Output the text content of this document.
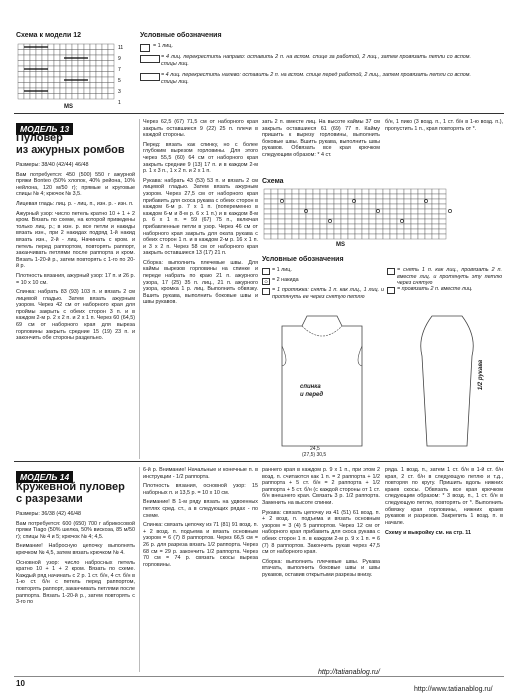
Схема к модели 12
11
9
7
5
3
1
MS
Условные обозначения
= 1 лиц.
= 4 лиц. перекрестить направо: оставить 2 п. на вспом. спице за работой, 2 лиц., затем провязать петли со вспом. спицы лиц.
= 4 лиц. перекрестить налево: оставить 2 п. на вспом. спице перед работой, 2 лиц., затем провязать петли со вспом. спицы лиц.
МОДЕЛЬ 13
Пуловер
из ажурных ромбов

Размеры: 38/40 (42/44) 46/48

Вам потребуется: 450 (500) 550 г ажурной пряжи Bonteo (50% хлопок, 40% рейона, 10% нейлона, 120 м/50 г); прямые и круговые спицы № 4; крючок № 3,5.

Лицевая гладь: лиц. р. - лиц. п., изн. р. - изн. п.

Ажурный узор: число петель кратно 10 + 1 + 2 кром. Вязать по схеме, на которой приведены только лиц. р.; в изн. р. все петли и накиды вязать изн., при 2 накидах подряд 1-й накид вязать изн., 2-й - лиц. Начинать с кром. и петель перед раппортом, повторять раппорт, заканчивать петлями после раппорта и кром. Вязать 1-20-й р., затем повторять с 1-го по 20-й р.

Плотность вязания, ажурный узор: 17 п. и 26 р. = 10 х 10 см.

Спинка: набрать 83 (93) 103 п. и вязать 2 см лицевой гладью. Затем вязать ажурным узором. Через 42 см от наборного края для проймы закрыть с обеих сторон 3 п. и в каждом 2-м р. 2 х 2 п. и 2 х 1 п. Через 60 (64,5) 69 см от наборного края для выреза горловины закрыть средние 15 (19) 23 п. и закончить обе стороны раздельно.

Через 62,5 (67) 71,5 см от наборного края закрыть оставшиеся 9 (22) 25 п. плечи в каждой стороны.

Перед: вязать как спинку, но с более глубоким вырезом горловины. Для этого через 55,5 (60) 64 см от наборного края закрыть средние 9 (13) 17 п. и в каждом 2-м р. 1 х 3 п., 1 х 2 п. и 2 х 1 п.

Рукава: набрать 43 (53) 53 п. и вязать 2 см лицевой гладью. Затем вязать ажурным узором. Через 27,5 см от наборного края прибавить для скоса рукава с обеих сторон в каждом 6-м р. 7 х 1 п. (попеременно в каждом 6-м и 8-м р. 6 х 1 п.) и в каждом 8-м р. 6 х 1 п. = 59 (67) 75 п., включая прибавленные петли в узор. Через 46 см от наборного края закрыть для оката рукава с обеих сторон 1 п. и в каждом 2-м р. 16 х 1 п. и 3 х 2 п. Через 58 см от наборного края закрыть оставшиеся 13 (17) 21 п.

Сборка: выполнить плечевые швы. Для каймы вырезов горловины на спинке и переде набрать по краю 21 п. ажурного узора, 17 (25) 35 п. лиц., 21 п. ажурного узора, кромка 1 р. лиц. Выполнить обвязку. Вшить рукава, выполнить боковые швы и швы рукавов.

зать 2 п. вместе лиц. На высоте каймы 37 см закрыть оставшиеся 61 (69) 77 п. Кайму пришить к вырезу горловины, выполнить боковые швы. Вшить рукава, выполнить швы рукавов. Обвязать все края крючком следующим образом: * 4 ст.

б/н, 1 пико (3 возд. п., 1 ст. б/н в 1-ю возд. п.), пропустить 1 п., края повторять от *.

Схема
MS
Условные обозначения
= 1 лиц.
O = 2 накида
= 1 протяжка: снять 1 п. как лиц., 1 лиц. и протянуть ее через снятую петлю
= снять 1 п. как лиц., провязать 2 п. вместе лиц. и протянуть эту петлю через снятую
= провязать 2 п. вместе лиц.
спинка
и перед
1/2 рукава
24,5
(27,5) 30,5
МОДЕЛЬ 14
Кружевной пуловер
с разрезами

Размеры: 36/38 (42) 46/48

Вам потребуется: 600 (650) 700 г абрикосовой пряжи Tiago (50% шелка, 50% вискоза, 85 м/50 г); спицы № 4 и 5; крючок № 4; 4,5.

Внимание! Набросную цепочку выполнять крючком № 4,5, затем вязать крючком № 4.

Основной узор: число набросных петель кратно 10 + 1 + 2 кром. Вязать по схеме. Каждый ряд начинать с 2 р. 1 ст. б/н, 4 ст. б/н в 1-ю ст. б/н с петель перед раппортом, повторять раппорт, заканчивать петлями после раппорта. Вязать 1-20-й р., затем повторять с 3-го по

6-й р. Внимание! Начальные и конечные п. в инструкции - 1/2 раппорта.

Плотность вязания, основной узор: 15 наборных п. и 13,5 р. = 10 х 10 см.

Внимание! В 1-м ряду вязать на удвоенных петлях сред. ст., а в следующих рядах - по схеме.

Спинка: связать цепочку из 71 (81) 91 возд. п. + 2 возд. п. подъема и вязать основным узором = 6 (7) 8 раппортов. Через 66,5 см = 26 р. для разреза вязать 1/2 раппорта. Через 68 см = 29 р. закончить 1/2 раппорта. Через 70 см = 74 р. связать скосы выреза горловины.

раннего края в каждом р. 9 х 1 п., при этом 2 возд. п. считаются как 1 п. = 2 раппорта + 1/2 раппорта + 5 ст. б/н = 2 раппорта + 1/2 раппорта + 5 ст. б/н (с каждой стороны от 1 ст. б/н внешнего края. Связать 3 р. 1/2 раппорта. Заменить на высоте спинки.

Рукава: связать цепочку из 41 (51) 61 возд. п. + 2 возд. п. подъема и вязать основным узором = 3 (4) 5 раппортов. Через 12 см от наборного края прибавить для скоса рукава с обеих сторон 1 п. в каждом 2-м р. 9 х 1 п. = 6 (7) 8 раппортов. Закончить рукав через 47,5 см от наборного края.

Сборка: выполнить плечевые швы. Рукава втачать, выполнить боковые швы и швы рукавов, оставив открытыми разрезы внизу.

ряда. 1 возд. п., затем 1 ст. б/н в 1-й ст. б/н края, 2 ст. б/н в следующую петлю и т.д., повторяя по кругу. Пришить вдоль нижних краев скосы. Обвязать все края крючком следующим образом: * 3 возд. п., 1 ст. б/н в следующую петлю, повторять от *. Выполнить обвязку края горловины, нижних краев рукавов и разрезов. Закрепить 1 возд. п. в начале.

Схему и выкройку см. на стр. 11

10
http://tatianablog.ru/
http://www.tatianablog.ru/
